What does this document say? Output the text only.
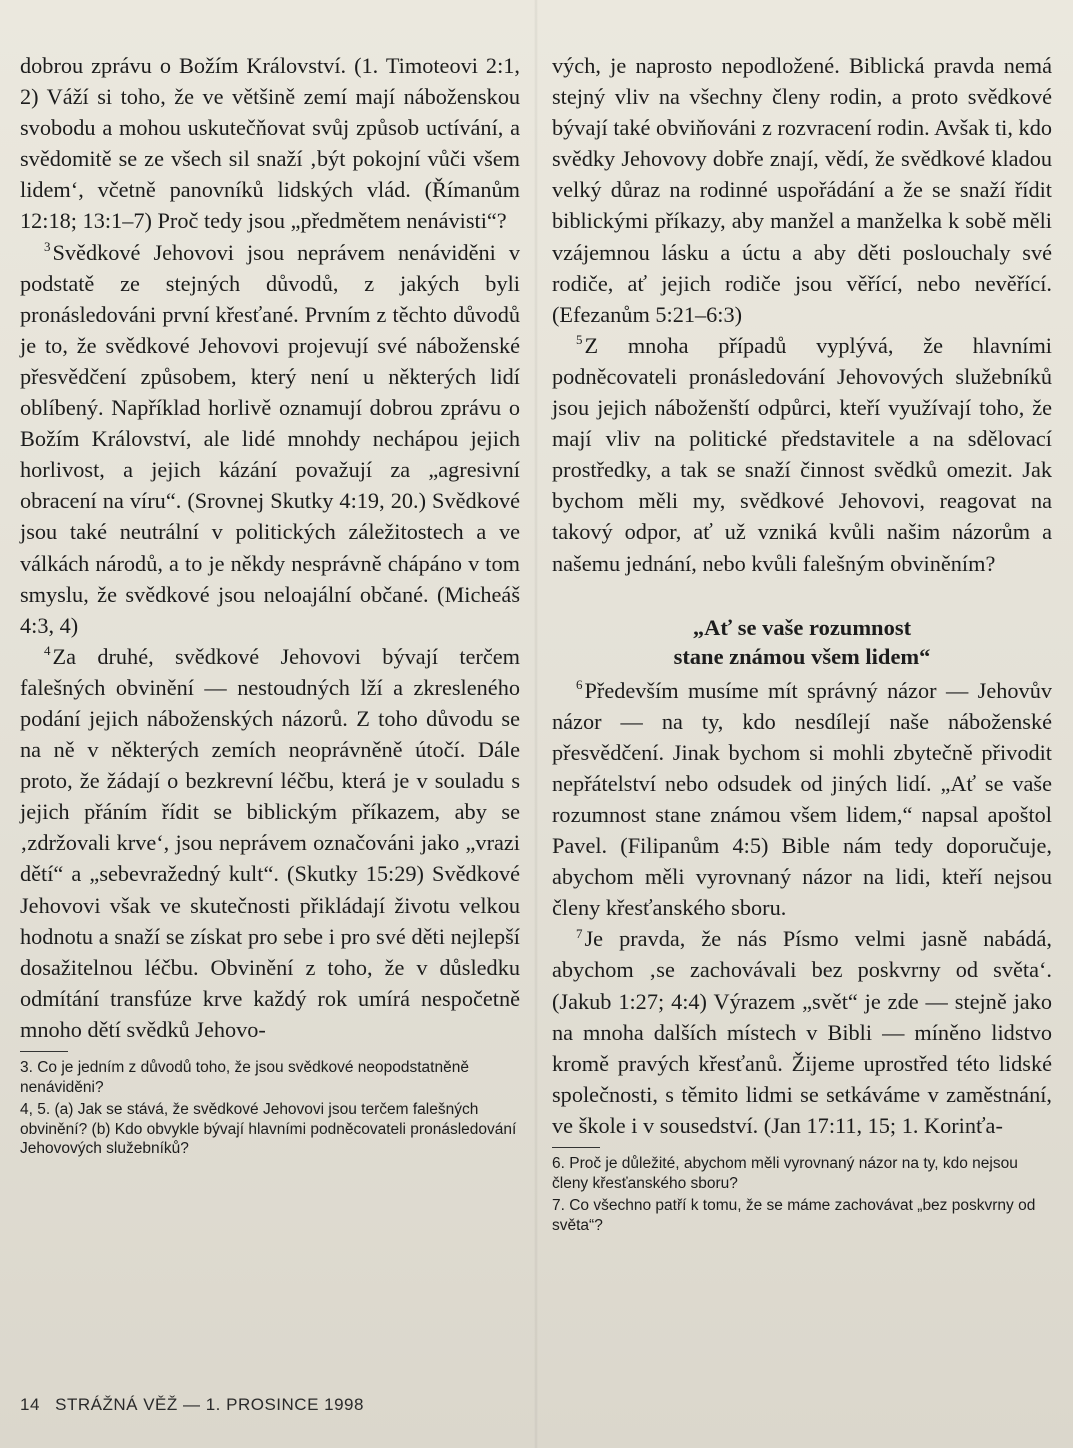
dobrou zprávu o Božím Království. (1. Timoteovi 2:1, 2) Váží si toho, že ve většině zemí mají náboženskou svobodu a mohou uskutečňovat svůj způsob uctívání, a svědomitě se ze všech sil snaží ‚být pokojní vůči všem lidem‘, včetně panovníků lidských vlád. (Římanům 12:18; 13:1–7) Proč tedy jsou „předmětem nenávisti“?

$^3$Svědkové Jehovovi jsou neprávem nenáviděni v podstatě ze stejných důvodů, z jakých byli pronásledováni první křesťané. Prvním z těchto důvodů je to, že svědkové Jehovovi projevují své náboženské přesvědčení způsobem, který není u některých lidí oblíbený. Například horlivě oznamují dobrou zprávu o Božím Království, ale lidé mnohdy nechápou jejich horlivost, a jejich kázání považují za „agresivní obracení na víru“. (Srovnej Skutky 4:19, 20.) Svědkové jsou také neutrální v politických záležitostech a ve válkách národů, a to je někdy nesprávně chápáno v tom smyslu, že svědkové jsou neloajální občané. (Micheáš 4:3, 4)

$^4$Za druhé, svědkové Jehovovi bývají terčem falešných obvinění — nestoudných lží a zkresleného podání jejich náboženských názorů. Z toho důvodu se na ně v některých zemích neoprávněně útočí. Dále proto, že žádají o bezkrevní léčbu, která je v souladu s jejich přáním řídit se biblickým příkazem, aby se ‚zdržovali krve‘, jsou neprávem označováni jako „vrazi dětí“ a „sebevražedný kult“. (Skutky 15:29) Svědkové Jehovovi však ve skutečnosti přikládají životu velkou hodnotu a snaží se získat pro sebe i pro své děti nejlepší dosažitelnou léčbu. Obvinění z toho, že v důsledku odmítání transfúze krve každý rok umírá nespočetně mnoho dětí svědků Jehovo-

3. Co je jedním z důvodů toho, že jsou svědkové neopodstatněně nenáviděni?

4, 5. (a) Jak se stává, že svědkové Jehovovi jsou terčem falešných obvinění? (b) Kdo obvykle bývají hlavními podněcovateli pronásledování Jehovových služebníků?

vých, je naprosto nepodložené. Biblická pravda nemá stejný vliv na všechny členy rodin, a proto svědkové bývají také obviňováni z rozvracení rodin. Avšak ti, kdo svědky Jehovovy dobře znají, vědí, že svědkové kladou velký důraz na rodinné uspořádání a že se snaží řídit biblickými příkazy, aby manžel a manželka k sobě měli vzájemnou lásku a úctu a aby děti poslouchaly své rodiče, ať jejich rodiče jsou věřící, nebo nevěřící. (Efezanům 5:21–6:3)

$^5$Z mnoha případů vyplývá, že hlavními podněcovateli pronásledování Jehovových služebníků jsou jejich náboženští odpůrci, kteří využívají toho, že mají vliv na politické představitele a na sdělovací prostředky, a tak se snaží činnost svědků omezit. Jak bychom měli my, svědkové Jehovovi, reagovat na takový odpor, ať už vzniká kvůli našim názorům a našemu jednání, nebo kvůli falešným obviněním?

„Ať se vaše rozumnost
stane známou všem lidem“

$^6$Především musíme mít správný názor — Jehovův názor — na ty, kdo nesdílejí naše náboženské přesvědčení. Jinak bychom si mohli zbytečně přivodit nepřátelství nebo odsudek od jiných lidí. „Ať se vaše rozumnost stane známou všem lidem,“ napsal apoštol Pavel. (Filipanům 4:5) Bible nám tedy doporučuje, abychom měli vyrovnaný názor na lidi, kteří nejsou členy křesťanského sboru.

$^7$Je pravda, že nás Písmo velmi jasně nabádá, abychom ‚se zachovávali bez poskvrny od světa‘. (Jakub 1:27; 4:4) Výrazem „svět“ je zde — stejně jako na mnoha dalších místech v Bibli — míněno lidstvo kromě pravých křesťanů. Žijeme uprostřed této lidské společnosti, s těmito lidmi se setkáváme v zaměstnání, ve škole i v sousedství. (Jan 17:11, 15; 1. Korinťa-

6. Proč je důležité, abychom měli vyrovnaný názor na ty, kdo nejsou členy křesťanského sboru?

7. Co všechno patří k tomu, že se máme zachovávat „bez poskvrny od světa“?

14 STRÁŽNÁ VĚŽ — 1. PROSINCE 1998
